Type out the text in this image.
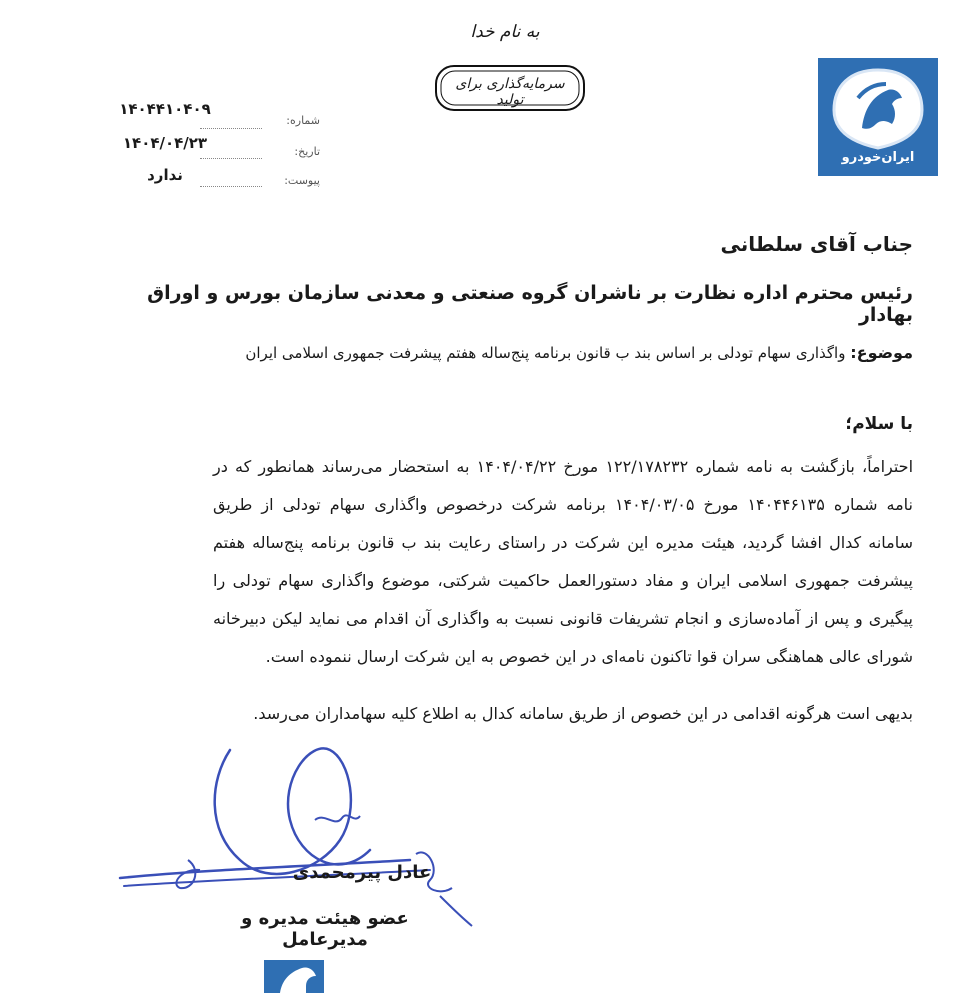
به نام خدا
سرمایه‌گذاری برای تولید
ایران‌خودرو
شماره:
۱۴۰۴۴۱۰۴۰۹
تاریخ:
۱۴۰۴/۰۴/۲۳
پیوست:
ندارد
جناب آقای سلطانی
رئیس محترم اداره نظارت بر ناشران گروه صنعتی و معدنی سازمان بورس و اوراق بهادار
موضوع: واگذاری سهام تودلی بر اساس بند ب قانون برنامه پنج‌ساله هفتم پیشرفت جمهوری اسلامی ایران
با سلام؛
احتراماً، بازگشت به نامه شماره ۱۲۲/۱۷۸۲۳۲ مورخ ۱۴۰۴/۰۴/۲۲ به استحضار می‌رساند همانطور که در نامه شماره ۱۴۰۴۴۶۱۳۵ مورخ ۱۴۰۴/۰۳/۰۵ برنامه شرکت درخصوص واگذاری سهام تودلی از طریق سامانه کدال افشا گردید، هیئت مدیره این شرکت در راستای رعایت بند ب قانون برنامه پنج‌ساله هفتم پیشرفت جمهوری اسلامی ایران و مفاد دستورالعمل حاکمیت شرکتی، موضوع واگذاری سهام تودلی را پیگیری و پس از آماده‌سازی و انجام تشریفات قانونی نسبت به واگذاری آن اقدام می نماید لیکن دبیرخانه شورای عالی هماهنگی سران قوا تاکنون نامه‌ای در این خصوص به این شرکت ارسال ننموده است.
بدیهی است هرگونه اقدامی در این خصوص از طریق سامانه کدال به اطلاع کلیه سهامداران می‌رسد.
عادل پیرمحمدی
عضو هیئت مدیره و مدیرعامل
